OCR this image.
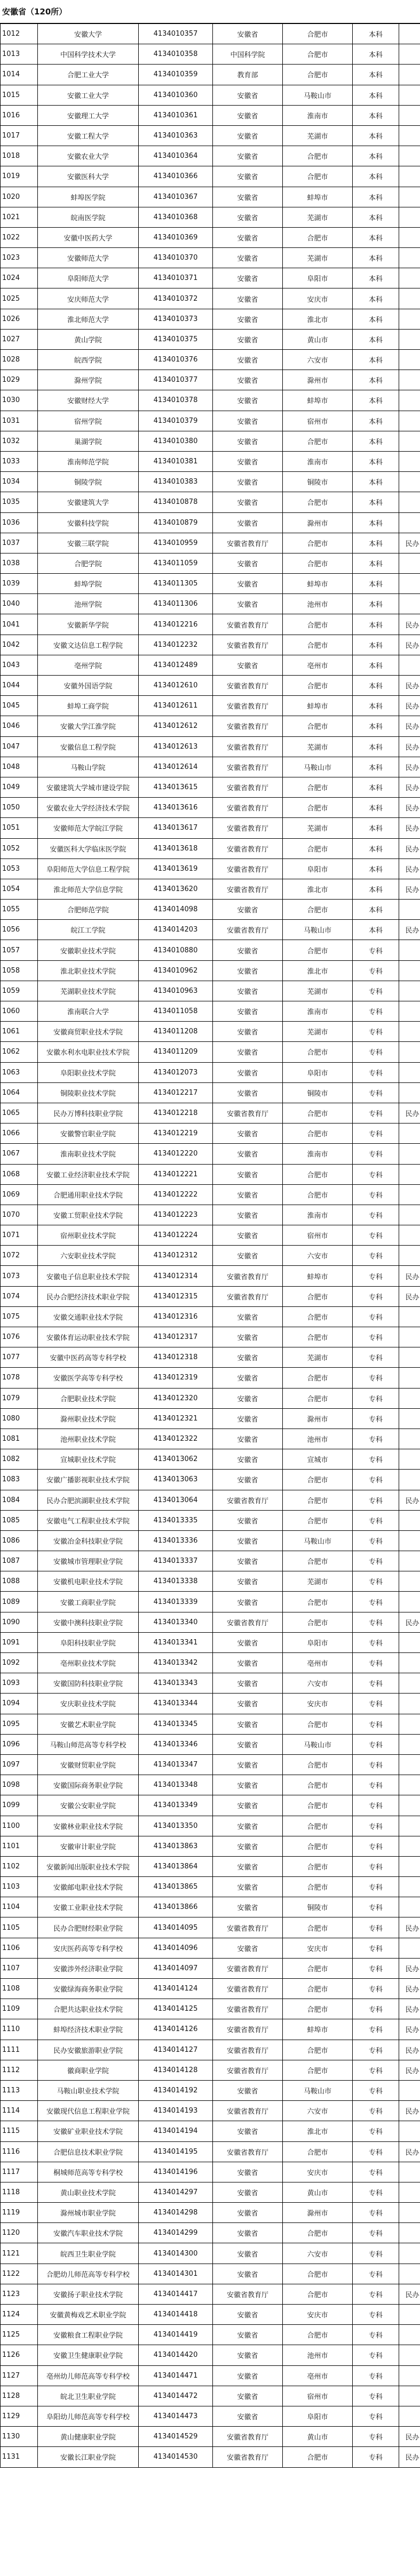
安徽省（120所）
1012	安徽大学	4134010357	安徽省	合肥市	本科	
1013	中国科学技术大学	4134010358	中国科学院	合肥市	本科	
1014	合肥工业大学	4134010359	教育部	合肥市	本科	
1015	安徽工业大学	4134010360	安徽省	马鞍山市	本科	
1016	安徽理工大学	4134010361	安徽省	淮南市	本科	
1017	安徽工程大学	4134010363	安徽省	芜湖市	本科	
1018	安徽农业大学	4134010364	安徽省	合肥市	本科	
1019	安徽医科大学	4134010366	安徽省	合肥市	本科	
1020	蚌埠医学院	4134010367	安徽省	蚌埠市	本科	
1021	皖南医学院	4134010368	安徽省	芜湖市	本科	
1022	安徽中医药大学	4134010369	安徽省	合肥市	本科	
1023	安徽师范大学	4134010370	安徽省	芜湖市	本科	
1024	阜阳师范大学	4134010371	安徽省	阜阳市	本科	
1025	安庆师范大学	4134010372	安徽省	安庆市	本科	
1026	淮北师范大学	4134010373	安徽省	淮北市	本科	
1027	黄山学院	4134010375	安徽省	黄山市	本科	
1028	皖西学院	4134010376	安徽省	六安市	本科	
1029	滁州学院	4134010377	安徽省	滁州市	本科	
1030	安徽财经大学	4134010378	安徽省	蚌埠市	本科	
1031	宿州学院	4134010379	安徽省	宿州市	本科	
1032	巢湖学院	4134010380	安徽省	合肥市	本科	
1033	淮南师范学院	4134010381	安徽省	淮南市	本科	
1034	铜陵学院	4134010383	安徽省	铜陵市	本科	
1035	安徽建筑大学	4134010878	安徽省	合肥市	本科	
1036	安徽科技学院	4134010879	安徽省	滁州市	本科	
1037	安徽三联学院	4134010959	安徽省教育厅	合肥市	本科	民办
1038	合肥学院	4134011059	安徽省	合肥市	本科	
1039	蚌埠学院	4134011305	安徽省	蚌埠市	本科	
1040	池州学院	4134011306	安徽省	池州市	本科	
1041	安徽新华学院	4134012216	安徽省教育厅	合肥市	本科	民办
1042	安徽文达信息工程学院	4134012232	安徽省教育厅	合肥市	本科	民办
1043	亳州学院	4134012489	安徽省	亳州市	本科	
1044	安徽外国语学院	4134012610	安徽省教育厅	合肥市	本科	民办
1045	蚌埠工商学院	4134012611	安徽省教育厅	蚌埠市	本科	民办
1046	安徽大学江淮学院	4134012612	安徽省教育厅	合肥市	本科	民办
1047	安徽信息工程学院	4134012613	安徽省教育厅	芜湖市	本科	民办
1048	马鞍山学院	4134012614	安徽省教育厅	马鞍山市	本科	民办
1049	安徽建筑大学城市建设学院	4134013615	安徽省教育厅	合肥市	本科	民办
1050	安徽农业大学经济技术学院	4134013616	安徽省教育厅	合肥市	本科	民办
1051	安徽师范大学皖江学院	4134013617	安徽省教育厅	芜湖市	本科	民办
1052	安徽医科大学临床医学院	4134013618	安徽省教育厅	合肥市	本科	民办
1053	阜阳师范大学信息工程学院	4134013619	安徽省教育厅	阜阳市	本科	民办
1054	淮北师范大学信息学院	4134013620	安徽省教育厅	淮北市	本科	民办
1055	合肥师范学院	4134014098	安徽省	合肥市	本科	
1056	皖江工学院	4134014203	安徽省教育厅	马鞍山市	本科	民办
1057	安徽职业技术学院	4134010880	安徽省	合肥市	专科	
1058	淮北职业技术学院	4134010962	安徽省	淮北市	专科	
1059	芜湖职业技术学院	4134010963	安徽省	芜湖市	专科	
1060	淮南联合大学	4134011058	安徽省	淮南市	专科	
1061	安徽商贸职业技术学院	4134011208	安徽省	芜湖市	专科	
1062	安徽水利水电职业技术学院	4134011209	安徽省	合肥市	专科	
1063	阜阳职业技术学院	4134012073	安徽省	阜阳市	专科	
1064	铜陵职业技术学院	4134012217	安徽省	铜陵市	专科	
1065	民办万博科技职业学院	4134012218	安徽省教育厅	合肥市	专科	民办
1066	安徽警官职业学院	4134012219	安徽省	合肥市	专科	
1067	淮南职业技术学院	4134012220	安徽省	淮南市	专科	
1068	安徽工业经济职业技术学院	4134012221	安徽省	合肥市	专科	
1069	合肥通用职业技术学院	4134012222	安徽省	合肥市	专科	
1070	安徽工贸职业技术学院	4134012223	安徽省	淮南市	专科	
1071	宿州职业技术学院	4134012224	安徽省	宿州市	专科	
1072	六安职业技术学院	4134012312	安徽省	六安市	专科	
1073	安徽电子信息职业技术学院	4134012314	安徽省教育厅	蚌埠市	专科	民办
1074	民办合肥经济技术职业学院	4134012315	安徽省教育厅	合肥市	专科	民办
1075	安徽交通职业技术学院	4134012316	安徽省	合肥市	专科	
1076	安徽体育运动职业技术学院	4134012317	安徽省	合肥市	专科	
1077	安徽中医药高等专科学校	4134012318	安徽省	芜湖市	专科	
1078	安徽医学高等专科学校	4134012319	安徽省	合肥市	专科	
1079	合肥职业技术学院	4134012320	安徽省	合肥市	专科	
1080	滁州职业技术学院	4134012321	安徽省	滁州市	专科	
1081	池州职业技术学院	4134012322	安徽省	池州市	专科	
1082	宣城职业技术学院	4134013062	安徽省	宣城市	专科	
1083	安徽广播影视职业技术学院	4134013063	安徽省	合肥市	专科	
1084	民办合肥滨湖职业技术学院	4134013064	安徽省教育厅	合肥市	专科	民办
1085	安徽电气工程职业技术学院	4134013335	安徽省	合肥市	专科	
1086	安徽冶金科技职业学院	4134013336	安徽省	马鞍山市	专科	
1087	安徽城市管理职业学院	4134013337	安徽省	合肥市	专科	
1088	安徽机电职业技术学院	4134013338	安徽省	芜湖市	专科	
1089	安徽工商职业学院	4134013339	安徽省	合肥市	专科	
1090	安徽中澳科技职业学院	4134013340	安徽省教育厅	合肥市	专科	民办
1091	阜阳科技职业学院	4134013341	安徽省	阜阳市	专科	
1092	亳州职业技术学院	4134013342	安徽省	亳州市	专科	
1093	安徽国防科技职业学院	4134013343	安徽省	六安市	专科	
1094	安庆职业技术学院	4134013344	安徽省	安庆市	专科	
1095	安徽艺术职业学院	4134013345	安徽省	合肥市	专科	
1096	马鞍山师范高等专科学校	4134013346	安徽省	马鞍山市	专科	
1097	安徽财贸职业学院	4134013347	安徽省	合肥市	专科	
1098	安徽国际商务职业学院	4134013348	安徽省	合肥市	专科	
1099	安徽公安职业学院	4134013349	安徽省	合肥市	专科	
1100	安徽林业职业技术学院	4134013350	安徽省	合肥市	专科	
1101	安徽审计职业学院	4134013863	安徽省	合肥市	专科	
1102	安徽新闻出版职业技术学院	4134013864	安徽省	合肥市	专科	
1103	安徽邮电职业技术学院	4134013865	安徽省	合肥市	专科	
1104	安徽工业职业技术学院	4134013866	安徽省	铜陵市	专科	
1105	民办合肥财经职业学院	4134014095	安徽省教育厅	合肥市	专科	民办
1106	安庆医药高等专科学校	4134014096	安徽省	安庆市	专科	
1107	安徽涉外经济职业学院	4134014097	安徽省教育厅	合肥市	专科	民办
1108	安徽绿海商务职业学院	4134014124	安徽省教育厅	合肥市	专科	民办
1109	合肥共达职业技术学院	4134014125	安徽省教育厅	合肥市	专科	民办
1110	蚌埠经济技术职业学院	4134014126	安徽省教育厅	蚌埠市	专科	民办
1111	民办安徽旅游职业学院	4134014127	安徽省教育厅	合肥市	专科	民办
1112	徽商职业学院	4134014128	安徽省教育厅	合肥市	专科	民办
1113	马鞍山职业技术学院	4134014192	安徽省	马鞍山市	专科	
1114	安徽现代信息工程职业学院	4134014193	安徽省教育厅	六安市	专科	民办
1115	安徽矿业职业技术学院	4134014194	安徽省	淮北市	专科	
1116	合肥信息技术职业学院	4134014195	安徽省教育厅	合肥市	专科	民办
1117	桐城师范高等专科学校	4134014196	安徽省	安庆市	专科	
1118	黄山职业技术学院	4134014297	安徽省	黄山市	专科	
1119	滁州城市职业学院	4134014298	安徽省	滁州市	专科	
1120	安徽汽车职业技术学院	4134014299	安徽省	合肥市	专科	
1121	皖西卫生职业学院	4134014300	安徽省	六安市	专科	
1122	合肥幼儿师范高等专科学校	4134014301	安徽省	合肥市	专科	
1123	安徽扬子职业技术学院	4134014417	安徽省教育厅	合肥市	专科	民办
1124	安徽黄梅戏艺术职业学院	4134014418	安徽省	安庆市	专科	
1125	安徽粮食工程职业学院	4134014419	安徽省	合肥市	专科	
1126	安徽卫生健康职业学院	4134014420	安徽省	池州市	专科	
1127	亳州幼儿师范高等专科学校	4134014471	安徽省	亳州市	专科	
1128	皖北卫生职业学院	4134014472	安徽省	宿州市	专科	
1129	阜阳幼儿师范高等专科学校	4134014473	安徽省	阜阳市	专科	
1130	黄山健康职业学院	4134014529	安徽省教育厅	黄山市	专科	民办
1131	安徽长江职业学院	4134014530	安徽省教育厅	合肥市	专科	民办
